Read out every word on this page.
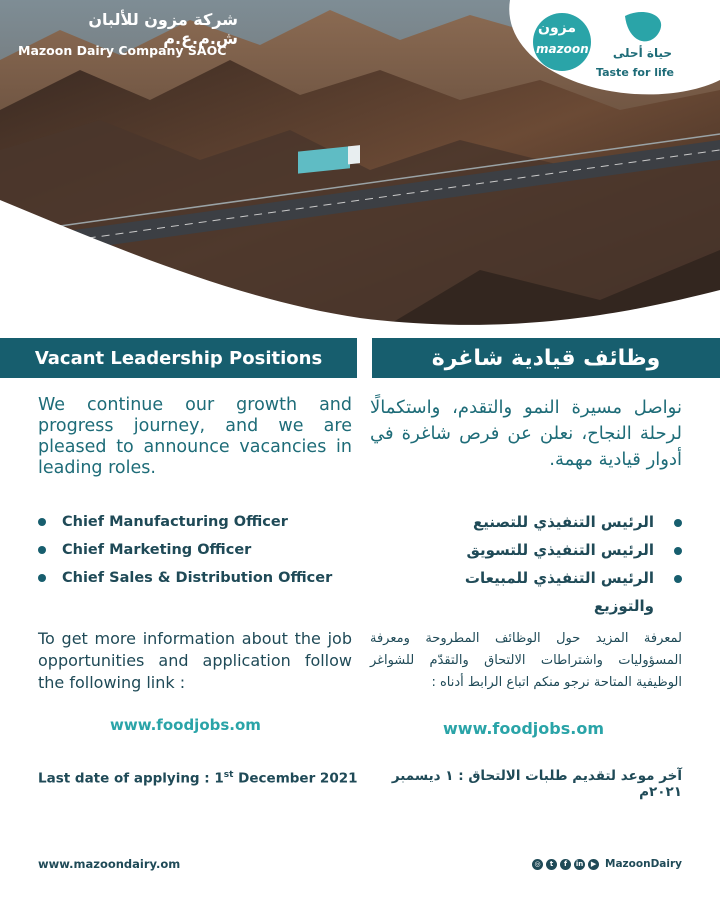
شركة مزون للألبان ش.م.ع.م
Mazoon Dairy Company SAOC
مزون
mazoon حياة أحلى
Taste for life
Vacant Leadership Positions	وظائف قيادية شاغرة
We continue our growth and progress journey, and we are pleased to announce vacancies in leading roles.
نواصل مسيرة النمو والتقدم، واستكمالًا لرحلة النجاح، نعلن عن فرص شاغرة في أدوار قيادية مهمة.
Chief Manufacturing Officer
Chief Marketing Officer
Chief Sales & Distribution Officer
الرئيس التنفيذي للتصنيع
الرئيس التنفيذي للتسويق
الرئيس التنفيذي للمبيعات والتوزيع
To get more information about the job opportunities and application follow the following link :
لمعرفة المزيد حول الوظائف المطروحة ومعرفة المسؤوليات واشتراطات الالتحاق والتقدّم للشواغر الوظيفية المتاحة نرجو منكم اتباع الرابط أدناه :
www.foodjobs.om	www.foodjobs.om
Last date of applying : 1st December 2021	آخر موعد لتقديم طلبات الالتحاق : ١ ديسمبر ٢٠٢١م
www.mazoondairy.om	◎	t	f	in	▶ MazoonDairy
